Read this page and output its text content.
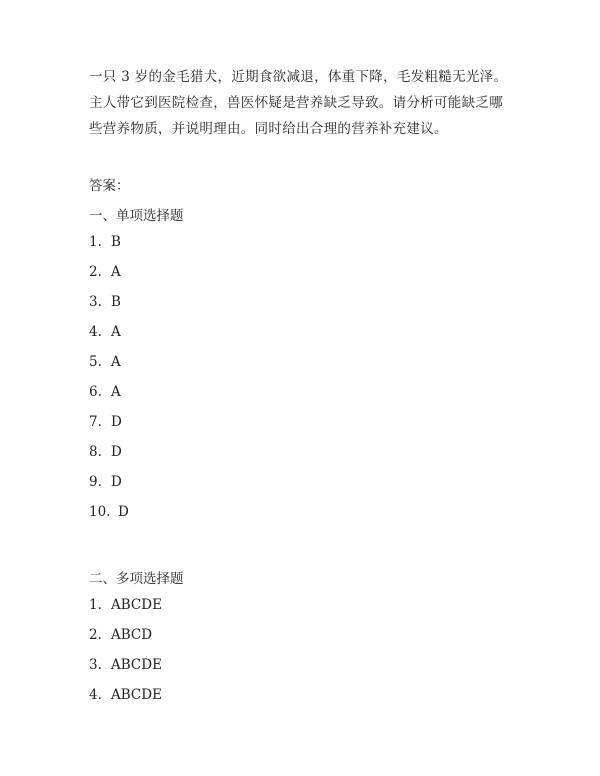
一只 3 岁的金毛猎犬，近期食欲减退，体重下降，毛发粗糙无光泽。
主人带它到医院检查，兽医怀疑是营养缺乏导致。请分析可能缺乏哪
些营养物质，并说明理由。同时给出合理的营养补充建议。
答案：
一、单项选择题
二、多项选择题
1. B
2. A
3. B
4. A
5. A
6. A
7. D
8. D
9. D
10. D
1. ABCDE
2. ABCD
3. ABCDE
4. ABCDE
